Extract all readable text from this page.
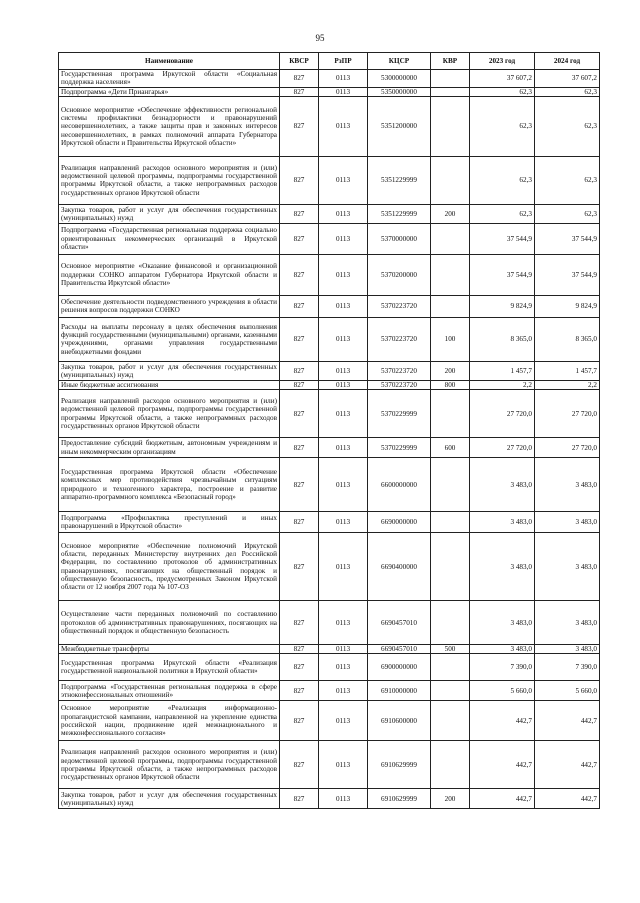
95
Наименование	КВСР	РзПР	КЦСР	КВР	2023 год	2024 год
Государственная программа Иркутской области «Социальная поддержка населения»	827	0113	5300000000		37 607,2	37 607,2
Подпрограмма «Дети Приангарья»	827	0113	5350000000		62,3	62,3
Основное мероприятие «Обеспечение эффективности региональной системы профилактики безнадзорности и правонарушений несовершеннолетних, а также защиты прав и законных интересов несовершеннолетних, в рамках полномочий аппарата Губернатора Иркутской области и Правительства Иркутской области»	827	0113	5351200000		62,3	62,3
Реализация направлений расходов основного мероприятия и (или) ведомственной целевой программы, подпрограммы государственной программы Иркутской области, а также непрограммных расходов государственных органов Иркутской области	827	0113	5351229999		62,3	62,3
Закупка товаров, работ и услуг для обеспечения государственных (муниципальных) нужд	827	0113	5351229999	200	62,3	62,3
Подпрограмма «Государственная региональная поддержка социально ориентированных некоммерческих организаций в Иркутской области»	827	0113	5370000000		37 544,9	37 544,9
Основное мероприятие «Оказание финансовой и организационной поддержки СОНКО аппаратом Губернатора Иркутской области и Правительства Иркутской области»	827	0113	5370200000		37 544,9	37 544,9
Обеспечение деятельности подведомственного учреждения в области решения вопросов поддержки СОНКО	827	0113	5370223720		9 824,9	9 824,9
Расходы на выплаты персоналу в целях обеспечения выполнения функций государственными (муниципальными) органами, казенными учреждениями, органами управления государственными внебюджетными фондами	827	0113	5370223720	100	8 365,0	8 365,0
Закупка товаров, работ и услуг для обеспечения государственных (муниципальных) нужд	827	0113	5370223720	200	1 457,7	1 457,7
Иные бюджетные ассигнования	827	0113	5370223720	800	2,2	2,2
Реализация направлений расходов основного мероприятия и (или) ведомственной целевой программы, подпрограммы государственной программы Иркутской области, а также непрограммных расходов государственных органов Иркутской области	827	0113	5370229999		27 720,0	27 720,0
Предоставление субсидий бюджетным, автономным учреждениям и иным некоммерческим организациям	827	0113	5370229999	600	27 720,0	27 720,0
Государственная программа Иркутской области «Обеспечение комплексных мер противодействия чрезвычайным ситуациям природного и техногенного характера, построение и развитие аппаратно-программного комплекса «Безопасный город»	827	0113	6600000000		3 483,0	3 483,0
Подпрограмма «Профилактика преступлений и иных правонарушений в Иркутской области»	827	0113	6690000000		3 483,0	3 483,0
Основное мероприятие «Обеспечение полномочий Иркутской области, переданных Министерству внутренних дел Российской Федерации, по составлению протоколов об административных правонарушениях, посягающих на общественный порядок и общественную безопасность, предусмотренных Законом Иркутской области от 12 ноября 2007 года № 107-ОЗ	827	0113	6690400000		3 483,0	3 483,0
Осуществление части переданных полномочий по составлению протоколов об административных правонарушениях, посягающих на общественный порядок и общественную безопасность	827	0113	6690457010		3 483,0	3 483,0
Межбюджетные трансферты	827	0113	6690457010	500	3 483,0	3 483,0
Государственная программа Иркутской области «Реализация государственной национальной политики в Иркутской области»	827	0113	6900000000		7 390,0	7 390,0
Подпрограмма «Государственная региональная поддержка в сфере этноконфессиональных отношений»	827	0113	6910000000		5 660,0	5 660,0
Основное мероприятие «Реализация информационно-пропагандистской кампании, направленной на укрепление единства российской нации, продвижение идей межнационального и межконфессионального согласия»	827	0113	6910600000		442,7	442,7
Реализация направлений расходов основного мероприятия и (или) ведомственной целевой программы, подпрограммы государственной программы Иркутской области, а также непрограммных расходов государственных органов Иркутской области	827	0113	6910629999		442,7	442,7
Закупка товаров, работ и услуг для обеспечения государственных (муниципальных) нужд	827	0113	6910629999	200	442,7	442,7
